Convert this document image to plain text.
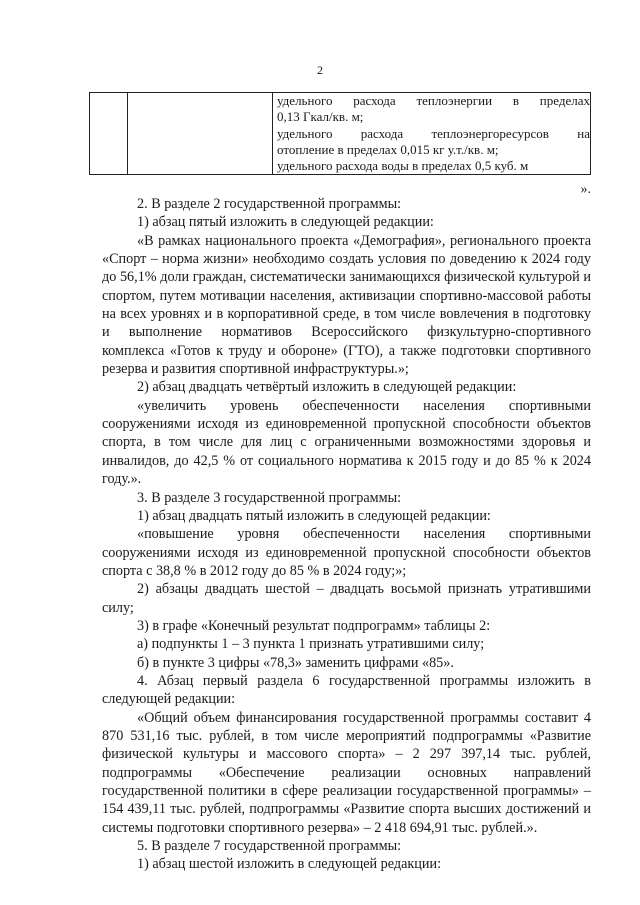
2

удельного расхода теплоэнергии в пределах
0,13 Гкал/кв. м;
удельного расхода теплоэнергоресурсов на
отопление в пределах 0,015 кг у.т./кв. м;
удельного расхода воды в пределах 0,5 куб. м
».

2. В разделе 2 государственной программы:

1) абзац пятый изложить в следующей редакции:

«В рамках национального проекта «Демография», регионального проекта «Спорт – норма жизни» необходимо создать условия по доведению к 2024 году до 56,1% доли граждан, систематически занимающихся физической культурой и спортом, путем мотивации населения, активизации спортивно-массовой работы на всех уровнях и в корпоративной среде, в том числе вовлечения в подготовку и выполнение нормативов Всероссийского физкультурно-спортивного комплекса «Готов к труду и обороне» (ГТО), а также подготовки спортивного резерва и развития спортивной инфраструктуры.»;

2) абзац двадцать четвёртый изложить в следующей редакции:

«увеличить уровень обеспеченности населения спортивными сооружениями исходя из единовременной пропускной способности объектов спорта, в том числе для лиц с ограниченными возможностями здоровья и инвалидов, до 42,5 % от социального норматива к 2015 году и до 85 % к 2024 году.».

3. В разделе 3 государственной программы:

1) абзац двадцать пятый изложить в следующей редакции:

«повышение уровня обеспеченности населения спортивными сооружениями исходя из единовременной пропускной способности объектов спорта с 38,8 % в 2012 году до 85 % в 2024 году;»;

2) абзацы двадцать шестой – двадцать восьмой признать утратившими силу;

3) в графе «Конечный результат подпрограмм» таблицы 2:

а) подпункты 1 – 3 пункта 1 признать утратившими силу;

б) в пункте 3 цифры «78,3» заменить цифрами «85».

4. Абзац первый раздела 6 государственной программы изложить в следующей редакции:

«Общий объем финансирования государственной программы составит 4 870 531,16 тыс. рублей, в том числе мероприятий подпрограммы «Развитие физической культуры и массового спорта» – 2 297 397,14 тыс. рублей, подпрограммы «Обеспечение реализации основных направлений государственной политики в сфере реализации государственной программы» – 154 439,11 тыс. рублей, подпрограммы «Развитие спорта высших достижений и системы подготовки спортивного резерва» – 2 418 694,91 тыс. рублей.».

5. В разделе 7 государственной программы:

1) абзац шестой изложить в следующей редакции:
